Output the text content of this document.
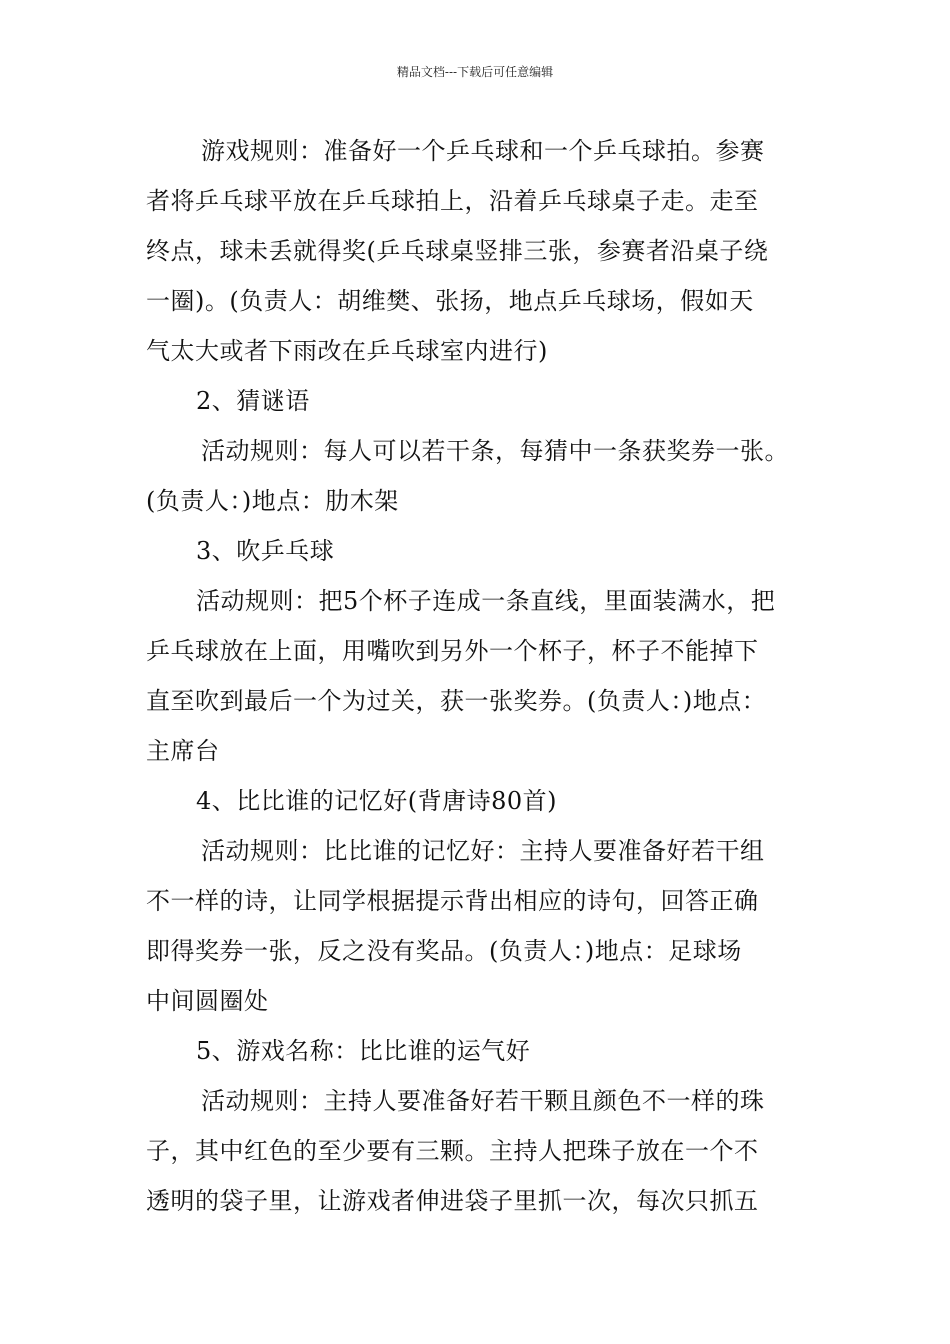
精品文档---下载后可任意编辑
游戏规则：准备好一个乒乓球和一个乒乓球拍。参赛
者将乒乓球平放在乒乓球拍上，沿着乒乓球桌子走。走至
终点，球未丢就得奖(乒乓球桌竖排三张，参赛者沿桌子绕
一圈)。(负责人：胡维樊、张扬，地点乒乓球场，假如天
气太大或者下雨改在乒乓球室内进行)
2、猜谜语
活动规则：每人可以若干条，每猜中一条获奖券一张。
(负责人：)地点：肋木架
3、吹乒乓球
活动规则：把5个杯子连成一条直线，里面装满水，把
乒乓球放在上面，用嘴吹到另外一个杯子，杯子不能掉下
直至吹到最后一个为过关，获一张奖券。(负责人：)地点：
主席台
4、比比谁的记忆好(背唐诗80首)
活动规则：比比谁的记忆好：主持人要准备好若干组
不一样的诗，让同学根据提示背出相应的诗句，回答正确
即得奖券一张，反之没有奖品。(负责人：)地点：足球场
中间圆圈处
5、游戏名称：比比谁的运气好
活动规则：主持人要准备好若干颗且颜色不一样的珠
子，其中红色的至少要有三颗。主持人把珠子放在一个不
透明的袋子里，让游戏者伸进袋子里抓一次，每次只抓五
